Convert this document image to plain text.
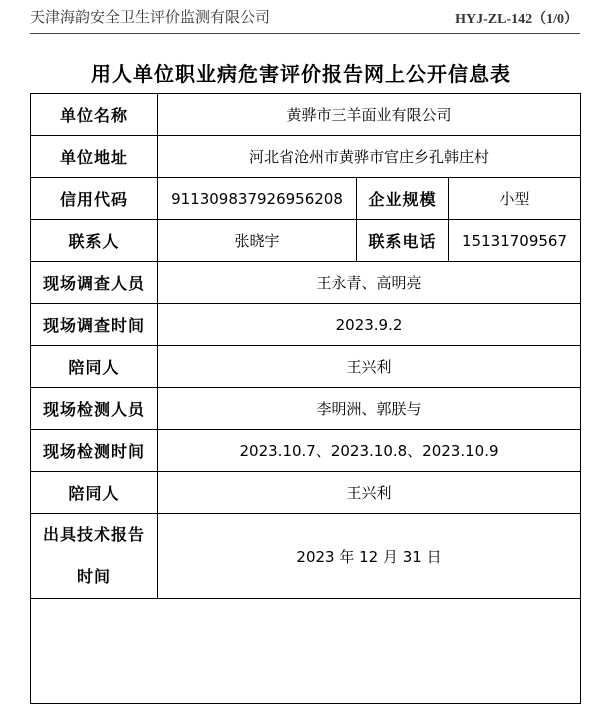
天津海韵安全卫生评价监测有限公司	HYJ-ZL-142（1/0）
用人单位职业病危害评价报告网上公开信息表
单位名称	黄骅市三羊面业有限公司		
单位地址	河北省沧州市黄骅市官庄乡孔韩庄村		
信用代码	911309837926956208	企业规模	小型
联系人	张晓宇	联系电话	15131709567
现场调查人员	王永青、高明亮		
现场调查时间	2023.9.2		
陪同人	王兴利		
现场检测人员	李明洲、郭朕与		
现场检测时间	2023.10.7、2023.10.8、2023.10.9		
陪同人	王兴利		

出具技术报告
时间	2023 年 12 月 31 日		
